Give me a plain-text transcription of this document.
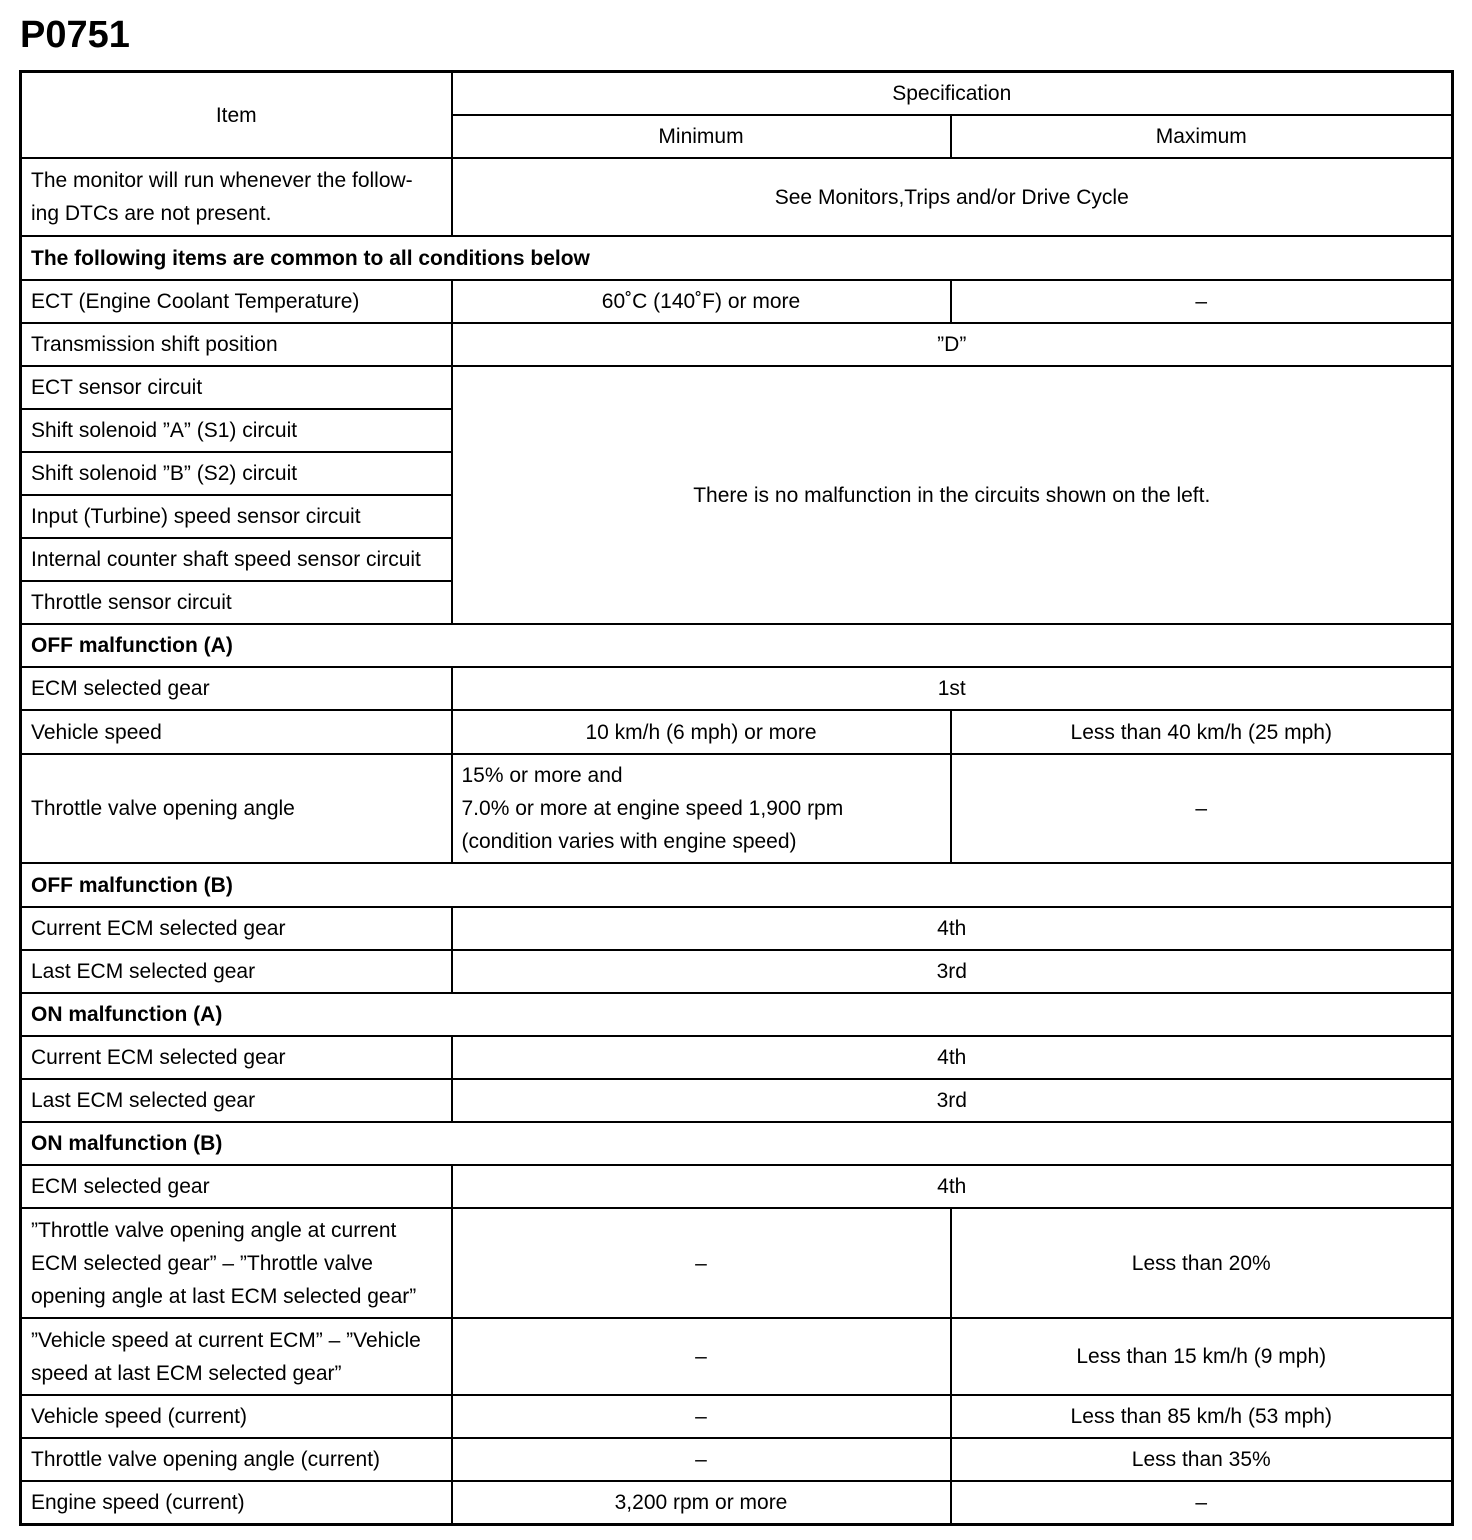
P0751
Item	Specification	
	Minimum	Maximum
The monitor will run whenever the follow- ing DTCs are not present.	See Monitors,Trips and/or Drive Cycle	
The following items are common to all conditions below		
ECT (Engine Coolant Temperature)	60˚C (140˚F) or more	–
Transmission shift position	”D”	
ECT sensor circuit	There is no malfunction in the circuits shown on the left.	
Shift solenoid ”A” (S1) circuit		
Shift solenoid ”B” (S2) circuit		
Input (Turbine) speed sensor circuit		
Internal counter shaft speed sensor circuit		
Throttle sensor circuit		
OFF malfunction (A)		
ECM selected gear	1st	
Vehicle speed	10 km/h (6 mph) or more	Less than 40 km/h (25 mph)
Throttle valve opening angle	15% or more and
7.0% or more at engine speed 1,900 rpm
(condition varies with engine speed)	–
OFF malfunction (B)		
Current ECM selected gear	4th	
Last ECM selected gear	3rd	
ON malfunction (A)		
Current ECM selected gear	4th	
Last ECM selected gear	3rd	
ON malfunction (B)		
ECM selected gear	4th	
”Throttle valve opening angle at current ECM selected gear” – ”Throttle valve opening angle at last ECM selected gear”	–	Less than 20%
”Vehicle speed at current ECM” – ”Vehicle speed at last ECM selected gear”	–	Less than 15 km/h (9 mph)
Vehicle speed (current)	–	Less than 85 km/h (53 mph)
Throttle valve opening angle (current)	–	Less than 35%
Engine speed (current)	3,200 rpm or more	–
